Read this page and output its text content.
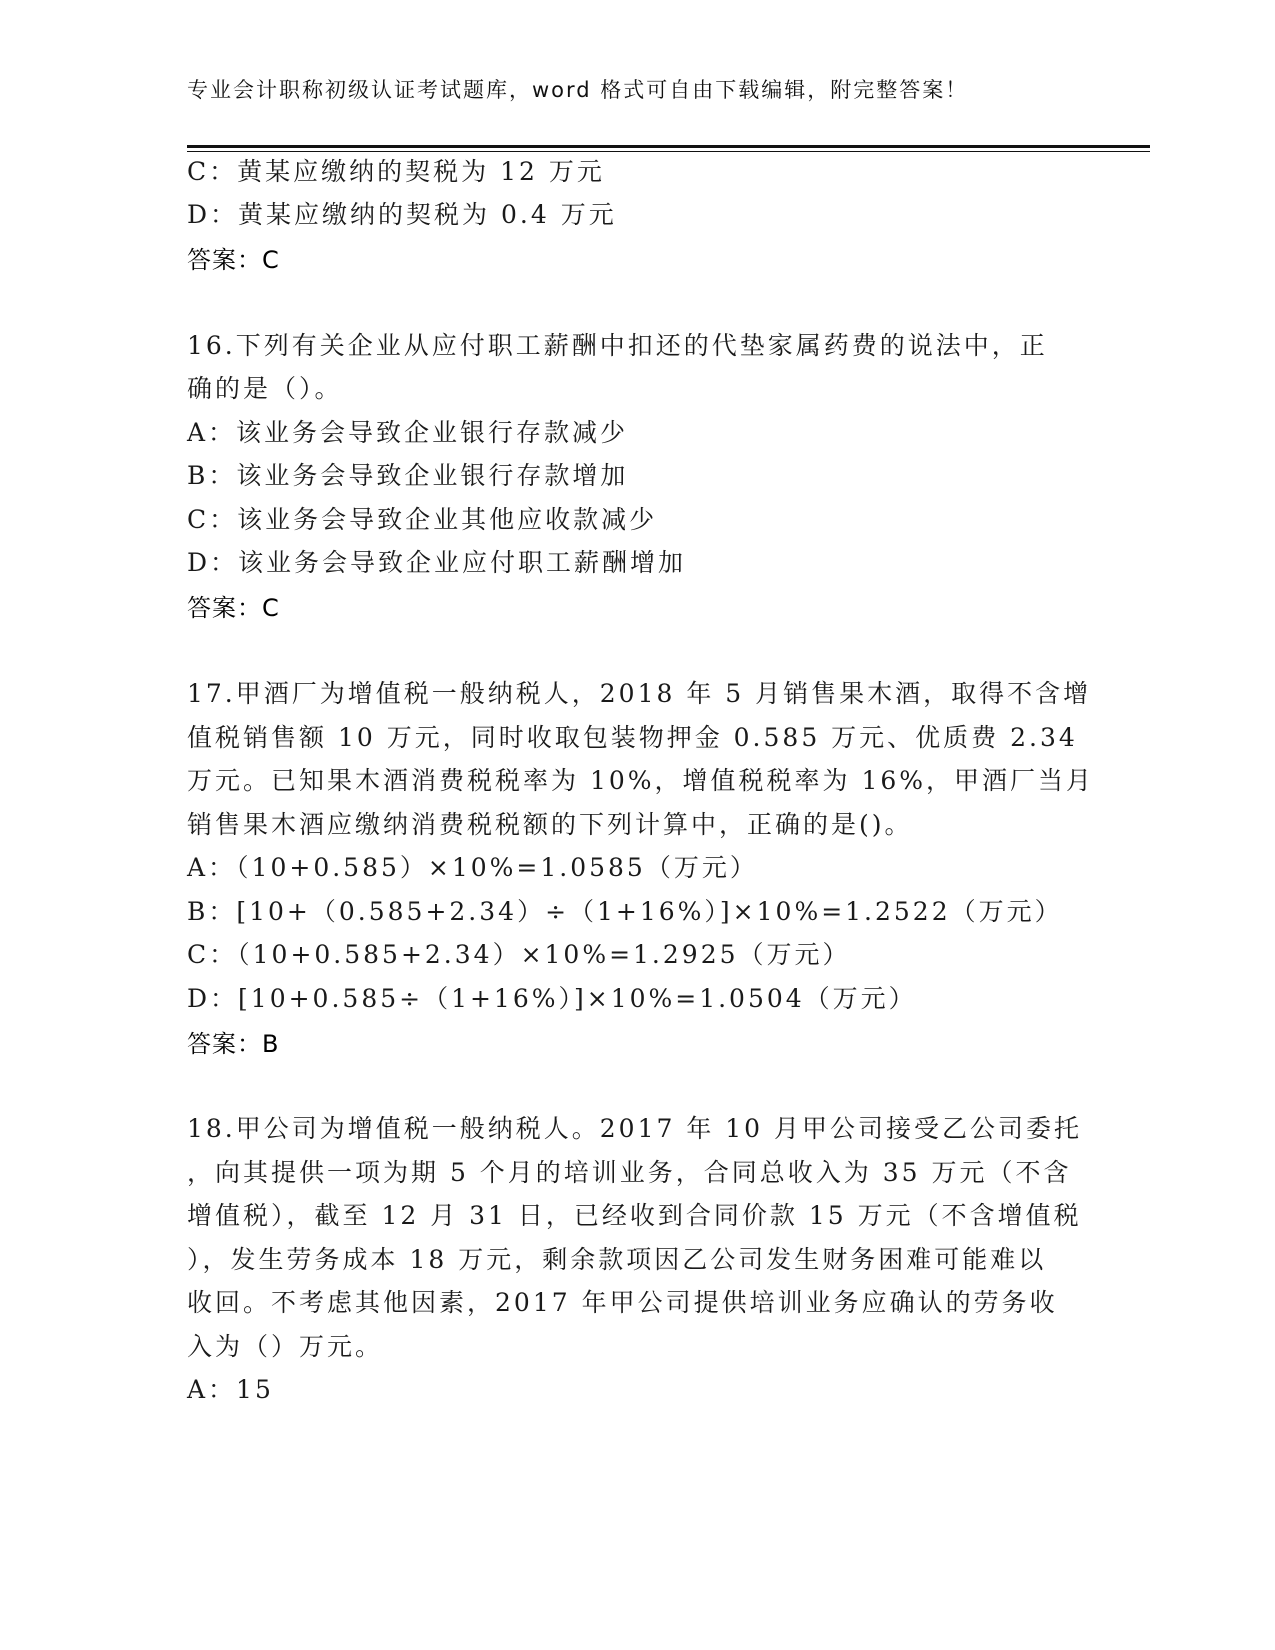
专业会计职称初级认证考试题库，word 格式可自由下载编辑，附完整答案！
C：黄某应缴纳的契税为 12 万元
D：黄某应缴纳的契税为 0.4 万元
答案：C
16.下列有关企业从应付职工薪酬中扣还的代垫家属药费的说法中，正
确的是（）。
A：该业务会导致企业银行存款减少
B：该业务会导致企业银行存款增加
C：该业务会导致企业其他应收款减少
D：该业务会导致企业应付职工薪酬增加
答案：C
17.甲酒厂为增值税一般纳税人，2018 年 5 月销售果木酒，取得不含增
值税销售额 10 万元，同时收取包装物押金 0.585 万元、优质费 2.34
万元。已知果木酒消费税税率为 10%，增值税税率为 16%，甲酒厂当月
销售果木酒应缴纳消费税税额的下列计算中，正确的是()。
A：（10+0.585）×10%=1.0585（万元）
B：[10+（0.585+2.34）÷（1+16%）]×10%=1.2522（万元）
C：（10+0.585+2.34）×10%=1.2925（万元）
D：[10+0.585÷（1+16%）]×10%=1.0504（万元）
答案：B
18.甲公司为增值税一般纳税人。2017 年 10 月甲公司接受乙公司委托
，向其提供一项为期 5 个月的培训业务，合同总收入为 35 万元（不含
增值税），截至 12 月 31 日，已经收到合同价款 15 万元（不含增值税
），发生劳务成本 18 万元，剩余款项因乙公司发生财务困难可能难以
收回。不考虑其他因素，2017 年甲公司提供培训业务应确认的劳务收
入为（）万元。
A：15
